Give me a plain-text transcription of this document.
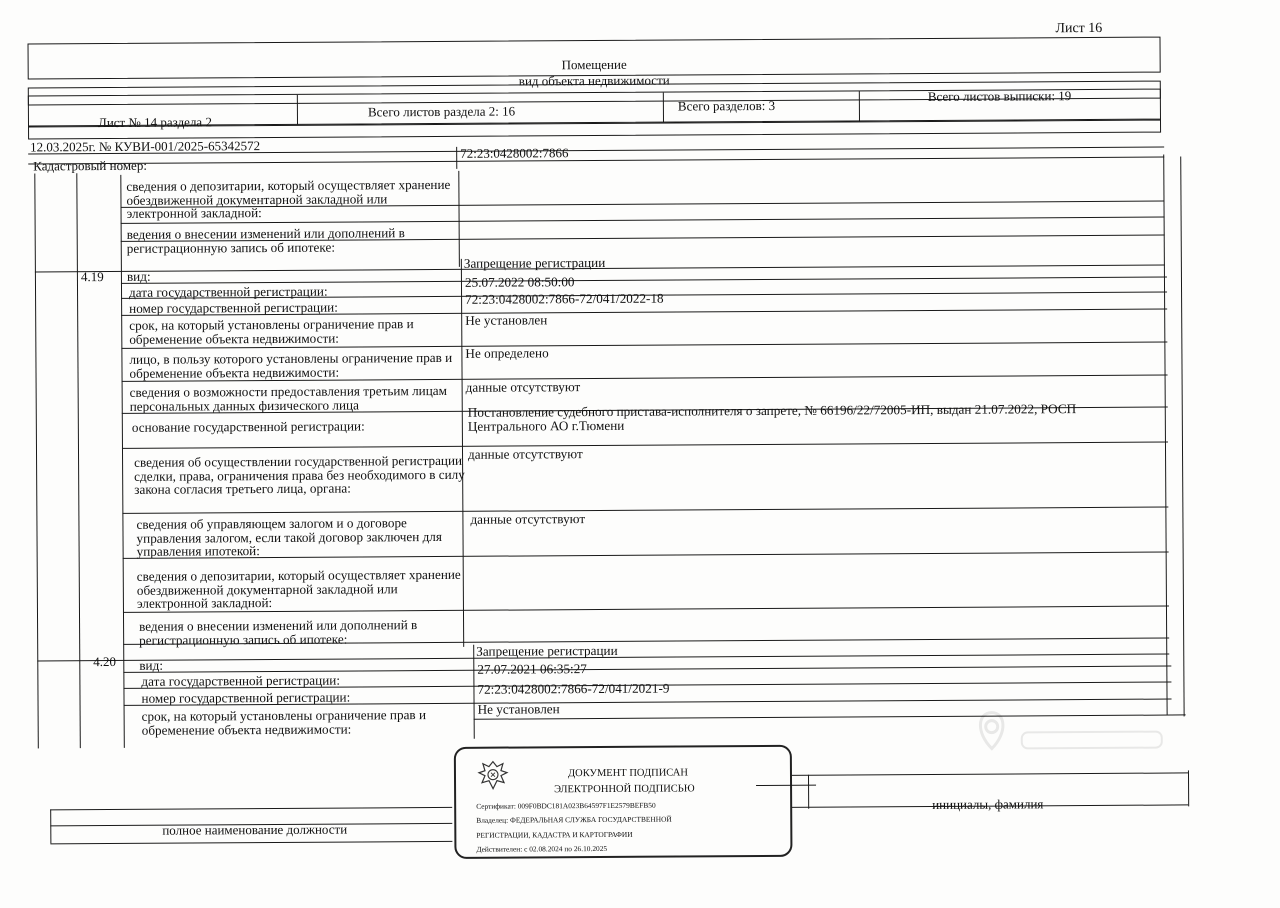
Лист 16
Помещение
вид объекта недвижимости
Лист № 14 раздела 2
Всего листов раздела 2: 16	Всего разделов: 3
Всего листов выписки: 19
12.03.2025г. № КУВИ-001/2025-65342572
Кадастровый номер:
72:23:0428002:7866
сведения о депозитарии, который осуществляет хранение обездвиженной документарной закладной или электронной закладной:
ведения о внесении изменений или дополнений в регистрационную запись об ипотеке:
4.19 вид:
Запрещение регистрации
дата государственной регистрации:
25.07.2022 08:50:00
номер государственной регистрации:
72:23:0428002:7866-72/041/2022-18
срок, на который установлены ограничение прав и обременение объекта недвижимости:
Не установлен
лицо, в пользу которого установлены ограничение прав и обременение объекта недвижимости:
Не определено
сведения о возможности предоставления третьим лицам персональных данных физического лица
данные отсутствуют
основание государственной регистрации:
Постановление судебного пристава-исполнителя о запрете, № 66196/22/72005-ИП, выдан 21.07.2022, РОСП Центрального АО г.Тюмени
сведения об осуществлении государственной регистрации сделки, права, ограничения права без необходимого в силу закона согласия третьего лица, органа:
данные отсутствуют
сведения об управляющем залогом и о договоре управления залогом, если такой договор заключен для управления ипотекой:
данные отсутствуют
сведения о депозитарии, который осуществляет хранение обездвиженной документарной закладной или электронной закладной:
ведения о внесении изменений или дополнений в регистрационную запись об ипотеке:
4.20 вид:
Запрещение регистрации
дата государственной регистрации:
27.07.2021 06:35:27
номер государственной регистрации:
72:23:0428002:7866-72/041/2021-9
срок, на который установлены ограничение прав и обременение объекта недвижимости:
Не установлен
полное наименование должности
инициалы, фамилия
ДОКУМЕНТ ПОДПИСАН
ЭЛЕКТРОННОЙ ПОДПИСЬЮ
Сертификат: 009F0BDC181A023B64597F1E2579BEFB50
Владелец: ФЕДЕРАЛЬНАЯ СЛУЖБА ГОСУДАРСТВЕННОЙ
РЕГИСТРАЦИИ, КАДАСТРА И КАРТОГРАФИИ
Действителен: с 02.08.2024 по 26.10.2025
